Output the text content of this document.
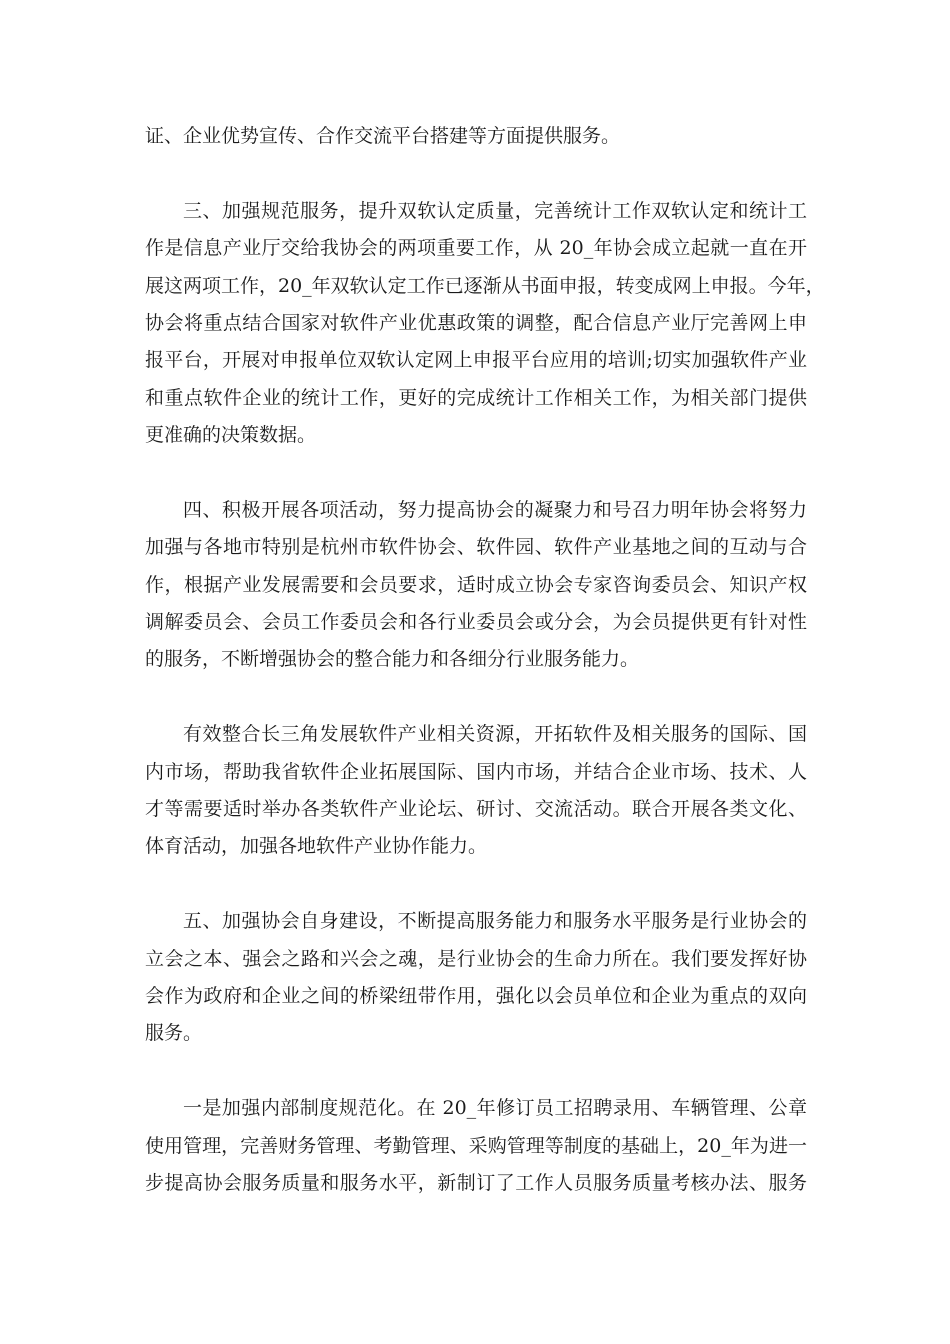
证、企业优势宣传、合作交流平台搭建等方面提供服务。
三、加强规范服务，提升双软认定质量，完善统计工作双软认定和统计工
作是信息产业厅交给我协会的两项重要工作，从 20_年协会成立起就一直在开
展这两项工作，20_年双软认定工作已逐渐从书面申报，转变成网上申报。今年，
协会将重点结合国家对软件产业优惠政策的调整，配合信息产业厅完善网上申
报平台，开展对申报单位双软认定网上申报平台应用的培训;切实加强软件产业
和重点软件企业的统计工作，更好的完成统计工作相关工作，为相关部门提供
更准确的决策数据。
四、积极开展各项活动，努力提高协会的凝聚力和号召力明年协会将努力
加强与各地市特别是杭州市软件协会、软件园、软件产业基地之间的互动与合
作，根据产业发展需要和会员要求，适时成立协会专家咨询委员会、知识产权
调解委员会、会员工作委员会和各行业委员会或分会，为会员提供更有针对性
的服务，不断增强协会的整合能力和各细分行业服务能力。
有效整合长三角发展软件产业相关资源，开拓软件及相关服务的国际、国
内市场，帮助我省软件企业拓展国际、国内市场，并结合企业市场、技术、人
才等需要适时举办各类软件产业论坛、研讨、交流活动。联合开展各类文化、
体育活动，加强各地软件产业协作能力。
五、加强协会自身建设，不断提高服务能力和服务水平服务是行业协会的
立会之本、强会之路和兴会之魂，是行业协会的生命力所在。我们要发挥好协
会作为政府和企业之间的桥梁纽带作用，强化以会员单位和企业为重点的双向
服务。
一是加强内部制度规范化。在 20_年修订员工招聘录用、车辆管理、公章
使用管理，完善财务管理、考勤管理、采购管理等制度的基础上，20_年为进一
步提高协会服务质量和服务水平，新制订了工作人员服务质量考核办法、服务
